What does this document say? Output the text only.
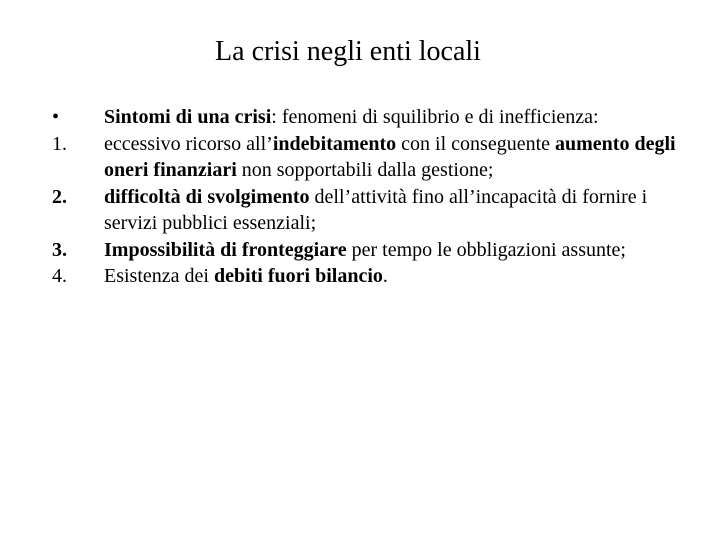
La crisi negli enti locali
•	Sintomi di una crisi: fenomeni di squilibrio e di inefficienza:
1.	eccessivo ricorso all’indebitamento con il conseguente aumento degli oneri finanziari non sopportabili dalla gestione;
2.	difficoltà di svolgimento dell’attività fino all’incapacità di fornire i servizi pubblici essenziali;
3.	Impossibilità di fronteggiare per tempo le obbligazioni assunte;
4.	Esistenza dei debiti fuori bilancio.
